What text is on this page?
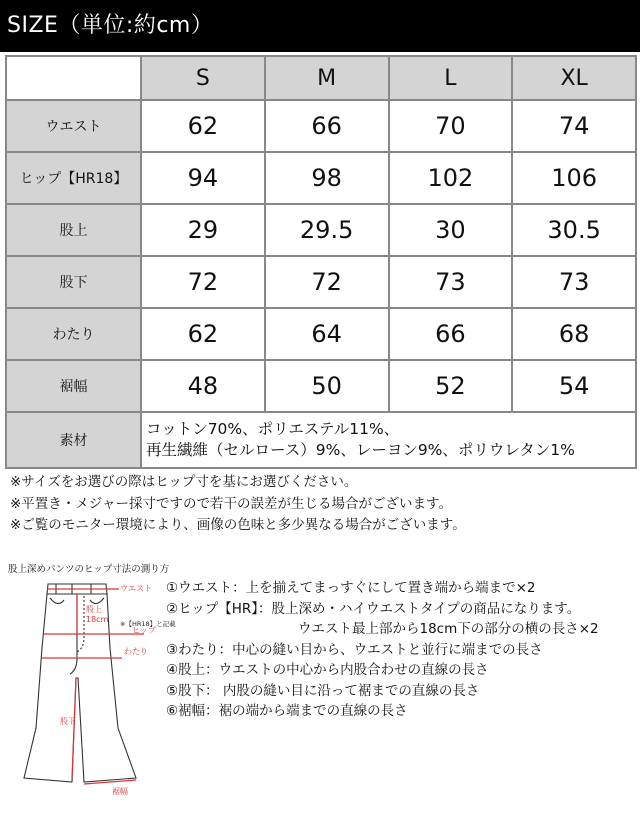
SIZE（単位:約cm）
	S	M	L	XL
ウエスト	62	66	70	74
ヒップ【HR18】	94	98	102	106
股上	29	29.5	30	30.5
股下	72	72	73	73
わたり	62	64	66	68
裾幅	48	50	52	54
素材	コットン70%、ポリエステル11%、
再生繊維（セルロース）9%、レーヨン9%、ポリウレタン1%			
※サイズをお選びの際はヒップ寸を基にお選びください。
※平置き・メジャー採寸ですので若干の誤差が生じる場合がございます。
※ご覧のモニター環境により、画像の色味と多少異なる場合がございます。
股上深めパンツのヒップ寸法の測り方
ウエスト
股上
18cm
ヒップ
わたり
股下
裾幅
※【HR18】と記載
①ウエスト：上を揃えてまっすぐにして置き端から端まで×2
②ヒップ【HR】：股上深め・ハイウエストタイプの商品になります。
ウエスト最上部から18cm下の部分の横の長さ×2
③わたり：中心の縫い目から、ウエストと並行に端までの長さ
④股上：ウエストの中心から内股合わせの直線の長さ
⑤股下： 内股の縫い目に沿って裾までの直線の長さ
⑥裾幅：裾の端から端までの直線の長さ
